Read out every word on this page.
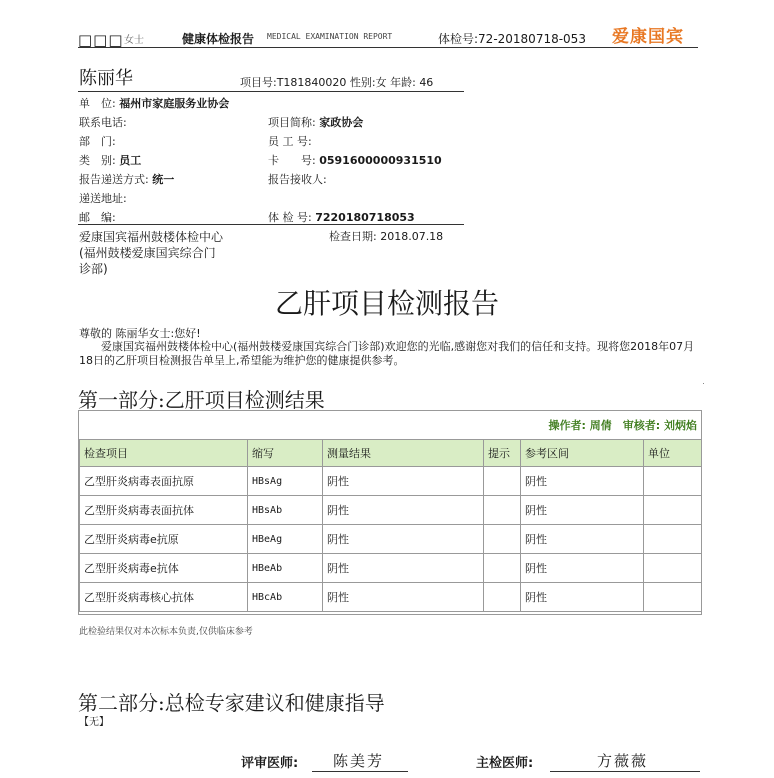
□□□ 女士	健康体检报告 MEDICAL EXAMINATION REPORT	体检号:72-20180718-053 爱康国宾
陈丽华	项目号:T181840020 性别:女 年龄: 46
单　位: 福州市家庭服务业协会
联系电话:	项目简称: 家政协会
部　门:	员 工 号:
类　别: 员工	卡　　号: 0591600000931510
报告递送方式: 统一	报告接收人:
递送地址:
邮　编:	体 检 号: 7220180718053
爱康国宾福州鼓楼体检中心	检查日期: 2018.07.18
(福州鼓楼爱康国宾综合门
诊部)
乙肝项目检测报告
尊敬的 陈丽华女士:您好!
爱康国宾福州鼓楼体检中心(福州鼓楼爱康国宾综合门诊部)欢迎您的光临,感谢您对我们的信任和支持。现将您2018年07月18日的乙肝项目检测报告单呈上,希望能为维护您的健康提供参考。
第一部分:乙肝项目检测结果
操作者: 周倩　审核者: 刘炳焰
检查项目	缩写	测量结果	提示	参考区间	单位
乙型肝炎病毒表面抗原	HBsAg	阴性		阴性	
乙型肝炎病毒表面抗体	HBsAb	阴性		阴性	
乙型肝炎病毒e抗原	HBeAg	阴性		阴性	
乙型肝炎病毒e抗体	HBeAb	阴性		阴性	
乙型肝炎病毒核心抗体	HBcAb	阴性		阴性	
此检验结果仅对本次标本负责,仅供临床参考
第二部分:总检专家建议和健康指导
【无】
评审医师: 陈美芳	主检医师:	方薇薇
